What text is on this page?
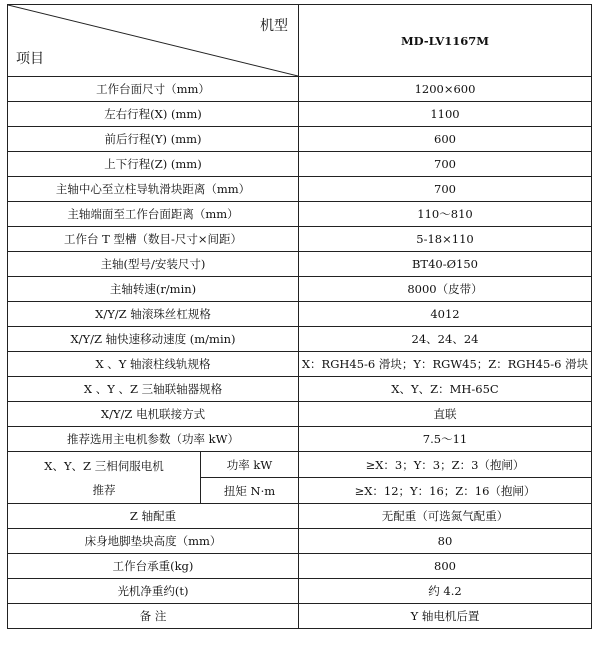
机型
项目		MD-LV1167M
工作台面尺寸（mm）		1200×600
左右行程(X) (mm)		1100
前后行程(Y) (mm)		600
上下行程(Z) (mm)		700
主轴中心至立柱导轨滑块距离（mm）		700
主轴端面至工作台面距离（mm）		110～810
工作台 T 型槽（数目-尺寸×间距）		5-18×110
主轴(型号/安装尺寸)		BT40-Ø150
主轴转速(r/min)		8000（皮带）
X/Y/Z 轴滚珠丝杠规格		4012
X/Y/Z 轴快速移动速度 (m/min)		24、24、24
X 、Y 轴滚柱线轨规格		X：RGH45-6 滑块；Y：RGW45；Z：RGH45-6 滑块
X 、Y 、Z 三轴联轴器规格		X、Y、Z：MH-65C
X/Y/Z 电机联接方式		直联
推荐选用主电机参数（功率 kW）		7.5～11

X、Y、Z 三相伺服电机
推荐	功率 kW	≥X：3；Y：3；Z：3（抱闸）
	扭矩 N·m	≥X：12；Y：16；Z：16（抱闸）
Z 轴配重		无配重（可选氮气配重）
床身地脚垫块高度（mm）		80
工作台承重(kg)		800
光机净重约(t)		约 4.2
备 注		Y 轴电机后置
